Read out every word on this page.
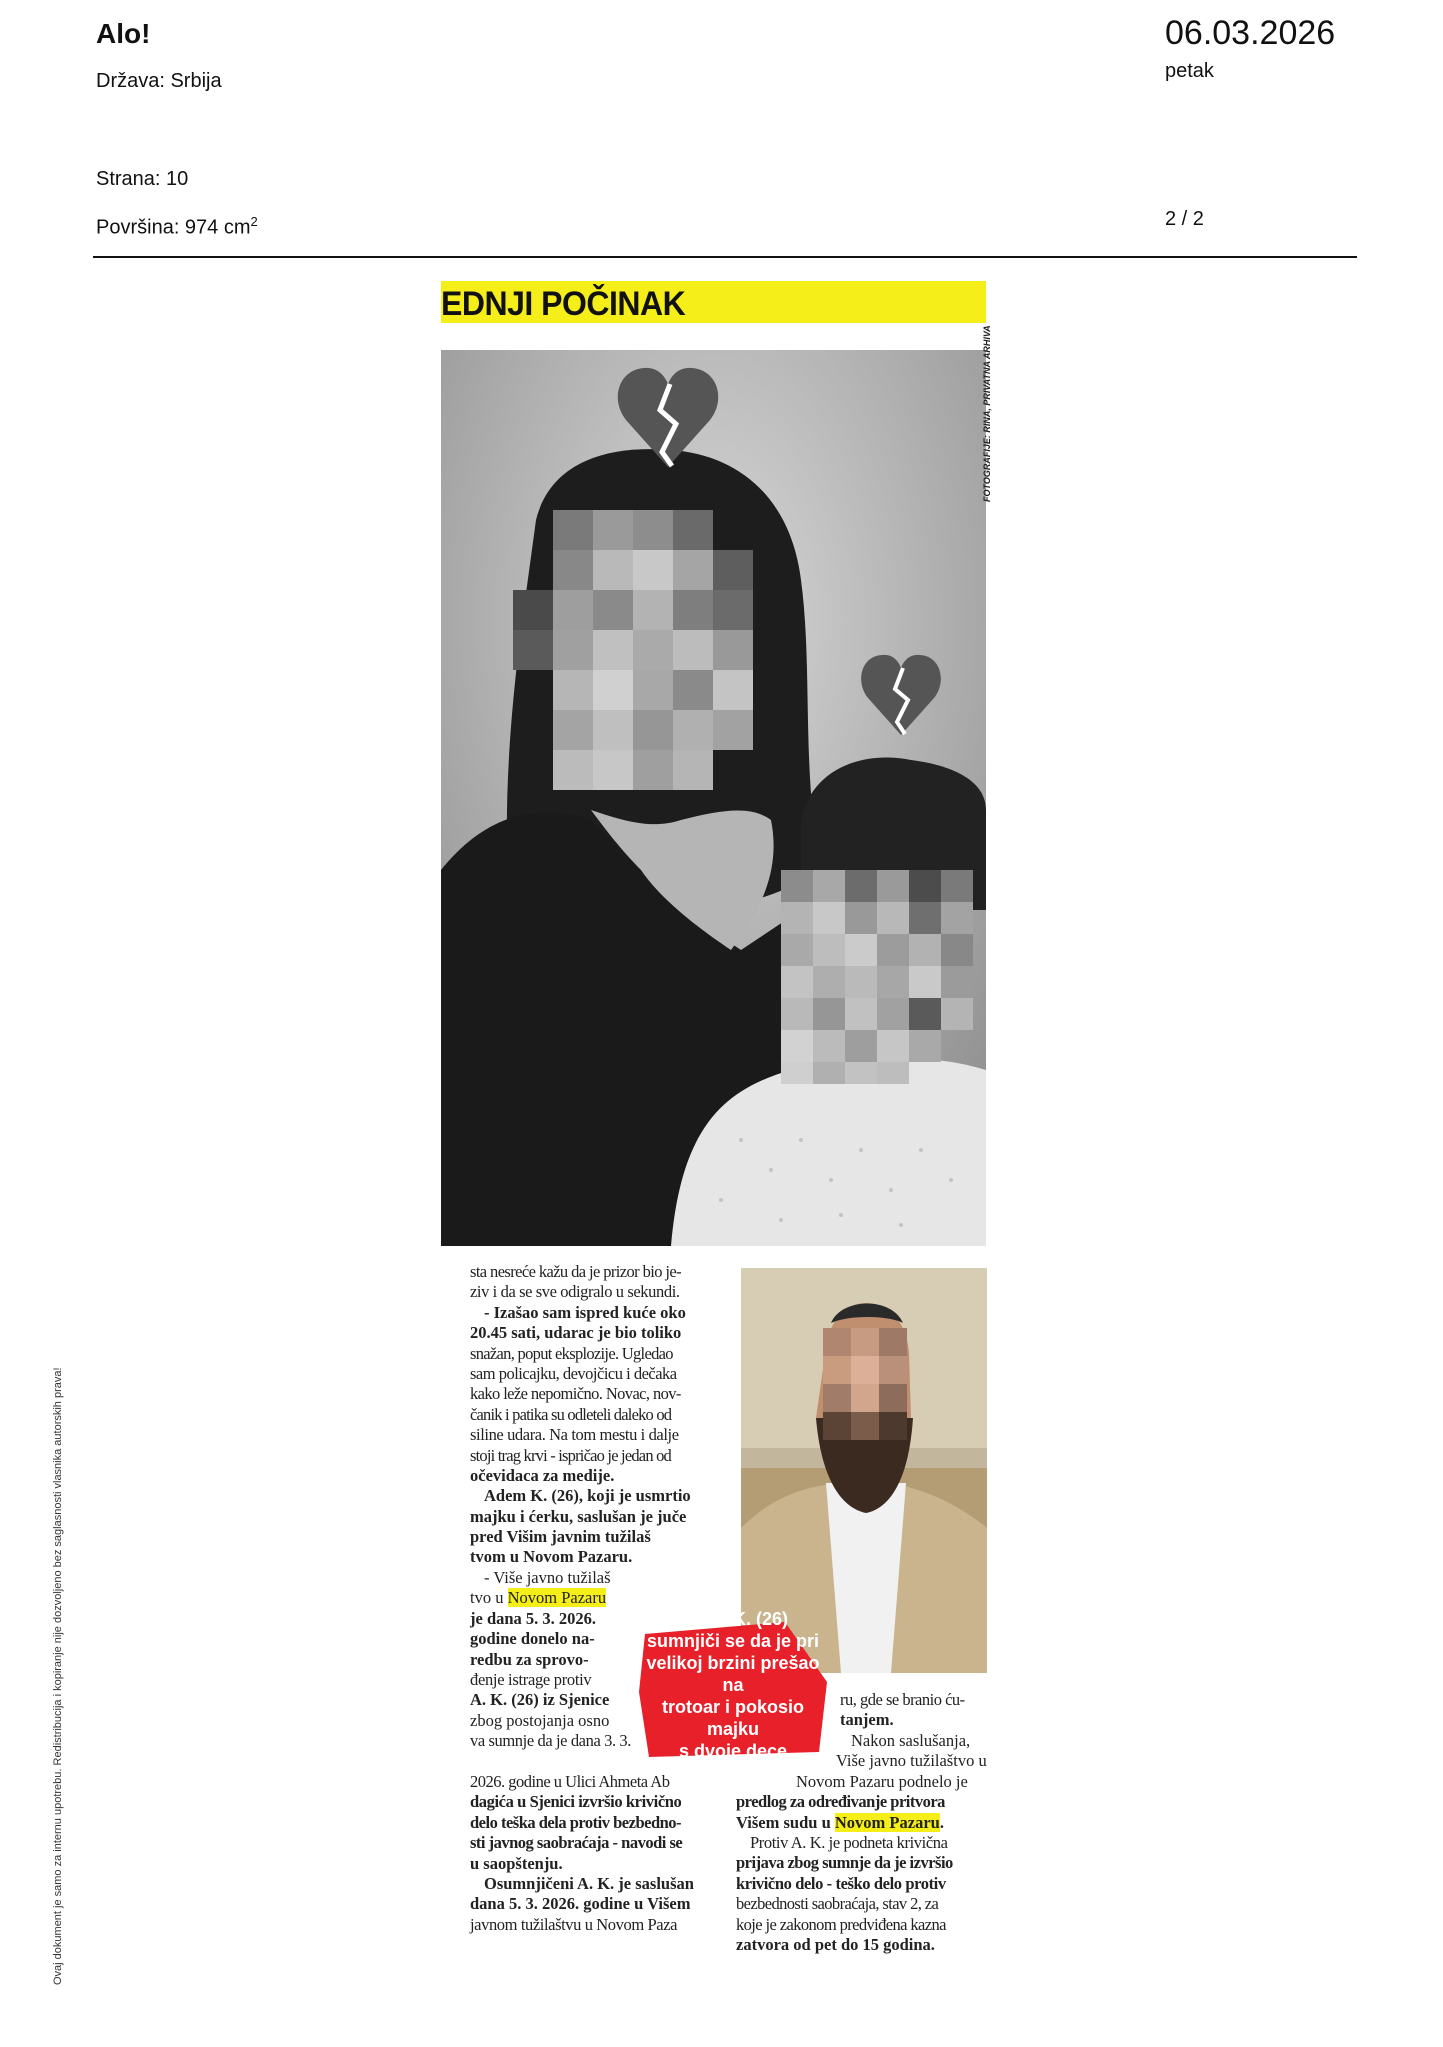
Alo!
Država: Srbija
Strana: 10
Površina: 974 $cm^2$
06.03.2026
petak
2 / 2
EDNJI POČINAK
FOTOGRAFIJE: RINA, PRIVATNA ARHIVA
Adem K. (26)
sumnjiči se da je pri
velikoj brzini prešao na
trotoar i pokosio majku
s dvoje dece
sta nesreće kažu da je prizor bio je-
ziv i da se sve odigralo u sekundi.
- Izašao sam ispred kuće oko
20.45 sati, udarac je bio toliko
snažan, poput eksplozije. Ugledao
sam policajku, devojčicu i dečaka
kako leže nepomično. Novac, nov-
čanik i patika su odleteli daleko od
siline udara. Na tom mestu i dalje
stoji trag krvi - ispričao je jedan od
očevidaca za medije.
Adem K. (26), koji je usmrtio
majku i ćerku, saslušan je juče
pred Višim javnim tužilaš
tvom u Novom Pazaru.
- Više javno tužilaš
tvo u Novom Pazaru
je dana 5. 3. 2026.
godine donelo na-
redbu za sprovo-
đenje istrage protiv
A. K. (26) iz Sjenice
zbog postojanja osno
va sumnje da je dana 3. 3.
2026. godine u Ulici Ahmeta Ab
dagića u Sjenici izvršio krivično
delo teška dela protiv bezbedno-
sti javnog saobraćaja - navodi se
u saopštenju.
Osumnjičeni A. K. je saslušan
dana 5. 3. 2026. godine u Višem
javnom tužilaštvu u Novom Paza
ru, gde se branio ću-
tanjem.
Nakon saslušanja,
Više javno tužilaštvo u
Novom Pazaru podnelo je
predlog za određivanje pritvora
Višem sudu u Novom Pazaru.
Protiv A. K. je podneta krivična
prijava zbog sumnje da je izvršio
krivično delo - teško delo protiv
bezbednosti saobraćaja, stav 2, za
koje je zakonom predviđena kazna
zatvora od pet do 15 godina.
Ovaj dokument je samo za internu upotrebu. Redistribucija i kopiranje nije dozvoljeno bez saglasnosti vlasnika autorskih prava!
